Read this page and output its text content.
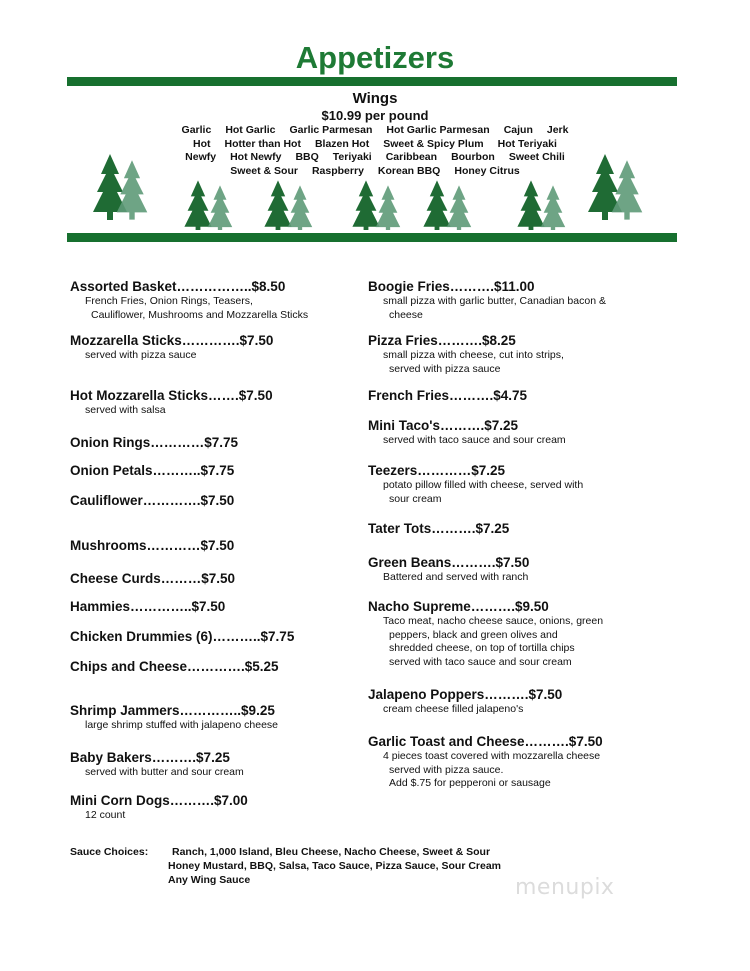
Appetizers
Wings
$10.99 per pound
Garlic Hot Garlic Garlic Parmesan Hot Garlic Parmesan Cajun Jerk
Hot Hotter than Hot Blazen Hot Sweet & Spicy Plum Hot Teriyaki
Newfy Hot Newfy BBQ Teriyaki Caribbean Bourbon Sweet Chili
Sweet & Sour Raspberry Korean BBQ Honey Citrus
Assorted Basket……………..$8.50
French Fries, Onion Rings, Teasers,
Cauliflower, Mushrooms and Mozzarella Sticks
Mozzarella Sticks………….$7.50
served with pizza sauce
Hot Mozzarella Sticks…….$7.50
served with salsa
Onion Rings…………$7.75
Onion Petals………..$7.75
Cauliflower………….$7.50
Mushrooms…………$7.50
Cheese Curds………$7.50
Hammies…………..$7.50
Chicken Drummies (6)………..$7.75
Chips and Cheese………….$5.25
Shrimp Jammers…………..$9.25
large shrimp stuffed with jalapeno cheese
Baby Bakers……….$7.25
served with butter and sour cream
Mini Corn Dogs……….$7.00
12 count
Boogie Fries……….$11.00
small pizza with garlic butter, Canadian bacon &
cheese
Pizza Fries……….$8.25
small pizza with cheese, cut into strips,
served with pizza sauce
French Fries……….$4.75
Mini Taco's……….$7.25
served with taco sauce and sour cream
Teezers…………$7.25
potato pillow filled with cheese, served with
sour cream
Tater Tots……….$7.25
Green Beans……….$7.50
Battered and served with ranch
Nacho Supreme……….$9.50
Taco meat, nacho cheese sauce, onions, green
peppers, black and green olives and
shredded cheese, on top of tortilla chips
served with taco sauce and sour cream
Jalapeno Poppers……….$7.50
cream cheese filled jalapeno's
Garlic Toast and Cheese……….$7.50
4 pieces toast covered with mozzarella cheese
served with pizza sauce.
Add $.75 for pepperoni or sausage
Sauce Choices:	Ranch, 1,000 Island, Bleu Cheese, Nacho Cheese, Sweet & Sour
Honey Mustard, BBQ, Salsa, Taco Sauce, Pizza Sauce, Sour Cream
Any Wing Sauce	menupix
